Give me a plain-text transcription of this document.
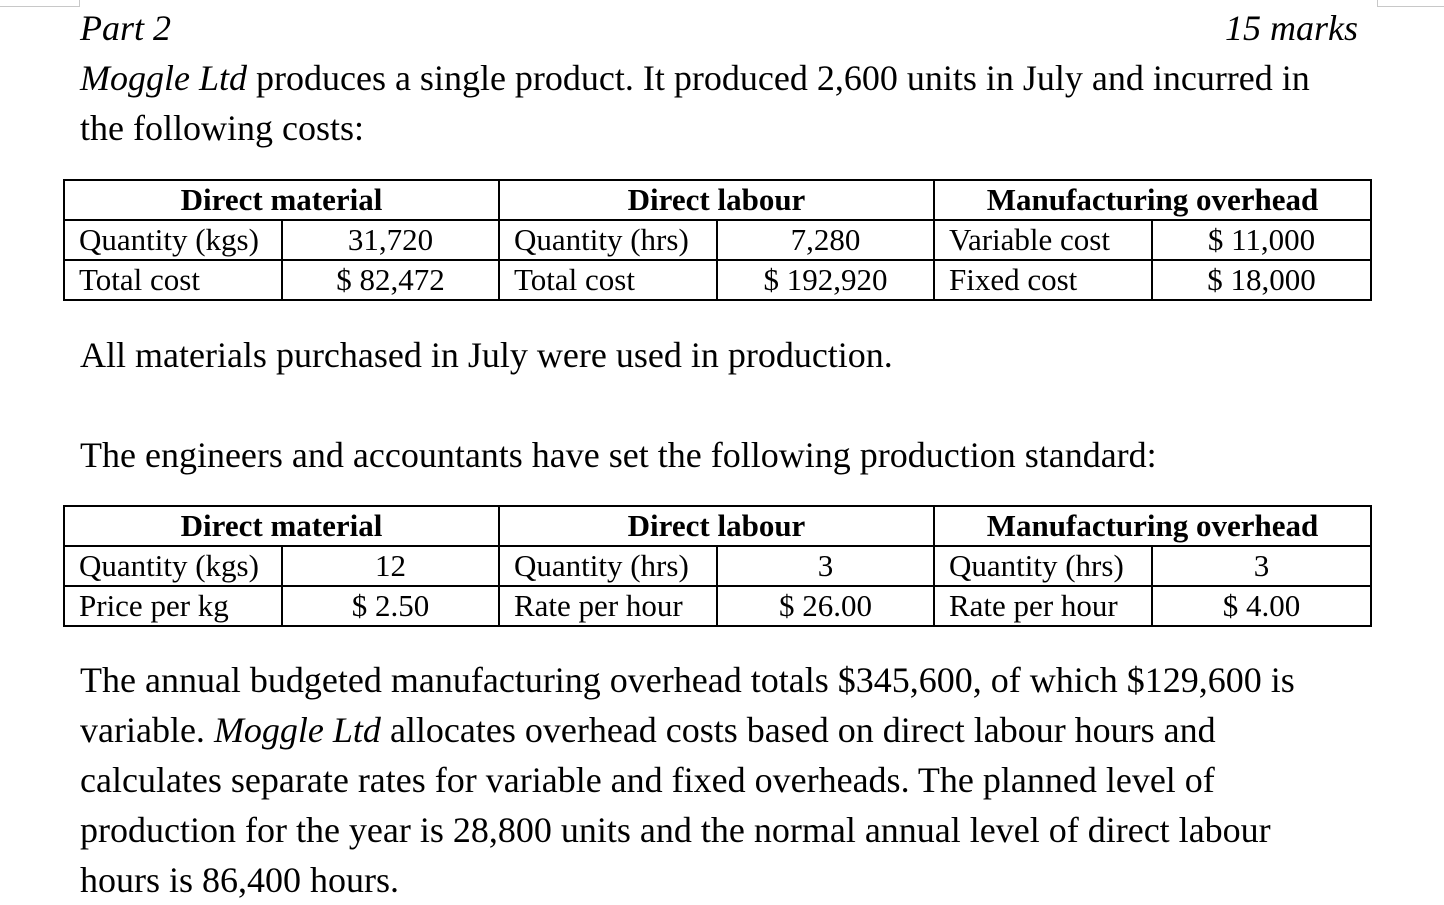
Part 2	15 marks
Moggle Ltd produces a single product. It produced 2,600 units in July and incurred in
the following costs:
Direct material		Direct labour		Manufacturing overhead	
Quantity (kgs)	31,720	Quantity (hrs)	7,280	Variable cost	$ 11,000
Total cost	$ 82,472	Total cost	$ 192,920	Fixed cost	$ 18,000
All materials purchased in July were used in production.
The engineers and accountants have set the following production standard:
Direct material		Direct labour		Manufacturing overhead	
Quantity (kgs)	12	Quantity (hrs)	3	Quantity (hrs)	3
Price per kg	$ 2.50	Rate per hour	$ 26.00	Rate per hour	$ 4.00
The annual budgeted manufacturing overhead totals $345,600, of which $129,600 is
variable. Moggle Ltd allocates overhead costs based on direct labour hours and
calculates separate rates for variable and fixed overheads. The planned level of
production for the year is 28,800 units and the normal annual level of direct labour
hours is 86,400 hours.
